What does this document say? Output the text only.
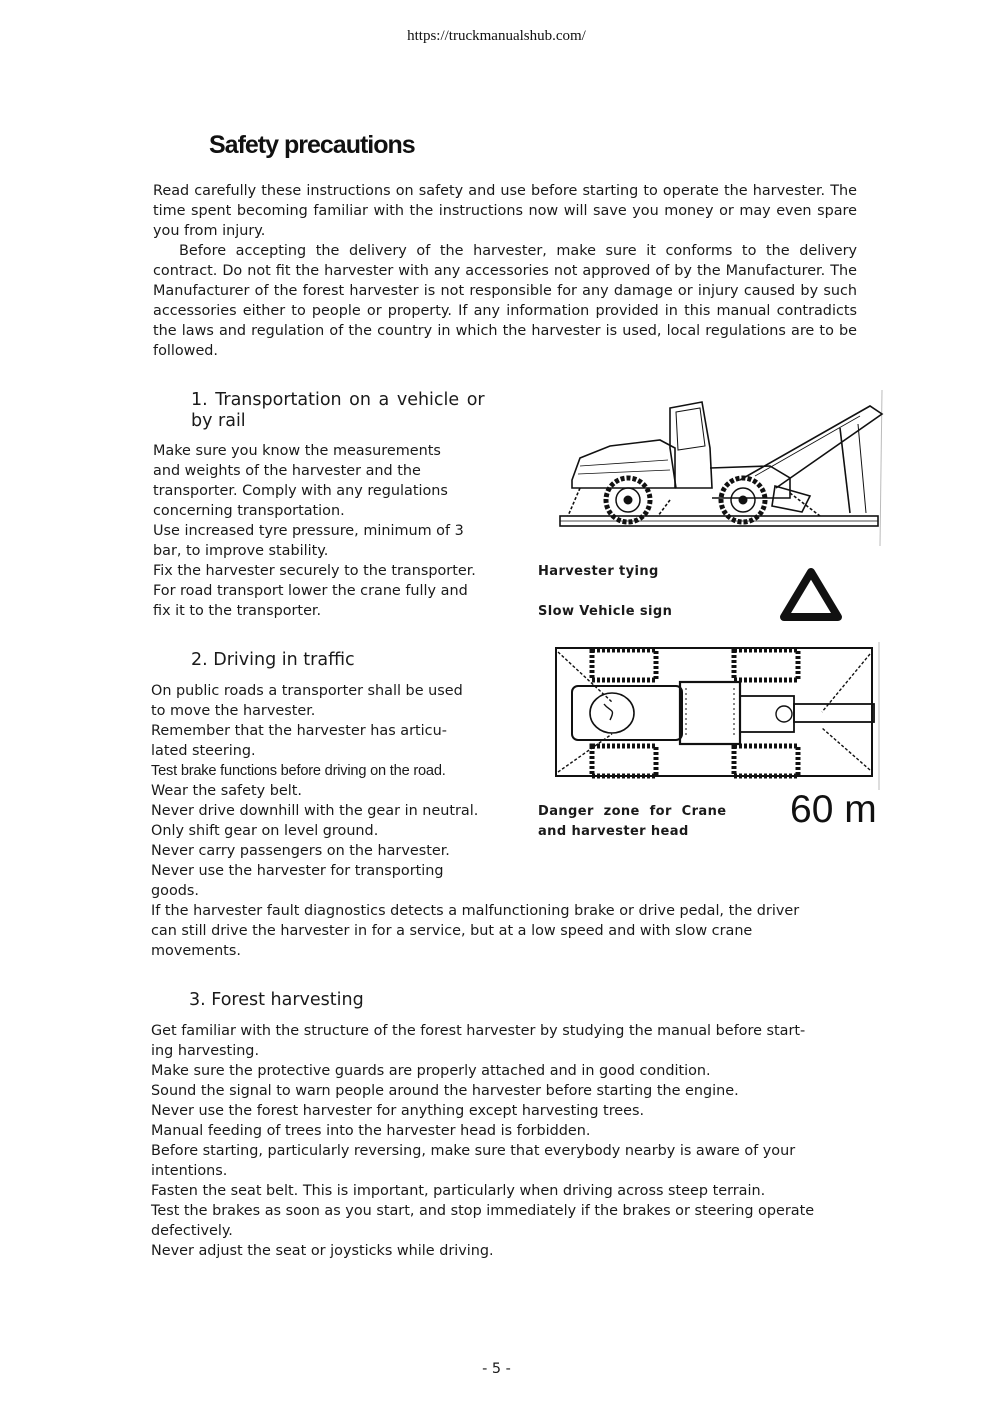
https://truckmanualshub.com/
Safety precautions

Read carefully these instructions on safety and use before starting to operate the harvester. The time spent becoming familiar with the instructions now will save you money or may even spare you from injury.

Before accepting the delivery of the harvester, make sure it conforms to the delivery contract. Do not fit the harvester with any accessories not approved of by the Manufacturer. The Manufacturer of the forest harvester is not responsible for any damage or injury caused by such accessories either to people or property. If any information provided in this manual contradicts the laws and regulation of the country in which the harvester is used, local regulations are to be followed.

1. Transportation on a vehicle or
by rail
Make sure you know the measurements
and weights of the harvester and the
transporter. Comply with any regulations
concerning transportation.
Use increased tyre pressure, minimum of 3
bar, to improve stability.
Fix the harvester securely to the transporter.
For road transport lower the crane fully and
fix it to the transporter.
2. Driving in traffic
On public roads a transporter shall be used
to move the harvester.
Remember that the harvester has articu-
lated steering.
Test brake functions before driving on the road.
Wear the safety belt.
Never drive downhill with the gear in neutral.
Only shift gear on level ground.
Never carry passengers on the harvester.
Never use the harvester for transporting
goods.
If the harvester fault diagnostics detects a malfunctioning brake or drive pedal, the driver
can still drive the harvester in for a service, but at a low speed and with slow crane
movements.
3. Forest harvesting
Get familiar with the structure of the forest harvester by studying the manual before start-
ing harvesting.
Make sure the protective guards are properly attached and in good condition.
Sound the signal to warn people around the harvester before starting the engine.
Never use the forest harvester for anything except harvesting trees.
Manual feeding of trees into the harvester head is forbidden.
Before starting, particularly reversing, make sure that everybody nearby is aware of your
intentions.
Fasten the seat belt. This is important, particularly when driving across steep terrain.
Test the brakes as soon as you start, and stop immediately if the brakes or steering operate
defectively.
Never adjust the seat or joysticks while driving.
Harvester tying
Slow Vehicle sign
Danger  zone  for  Crane
and harvester head
60 m
- 5 -
